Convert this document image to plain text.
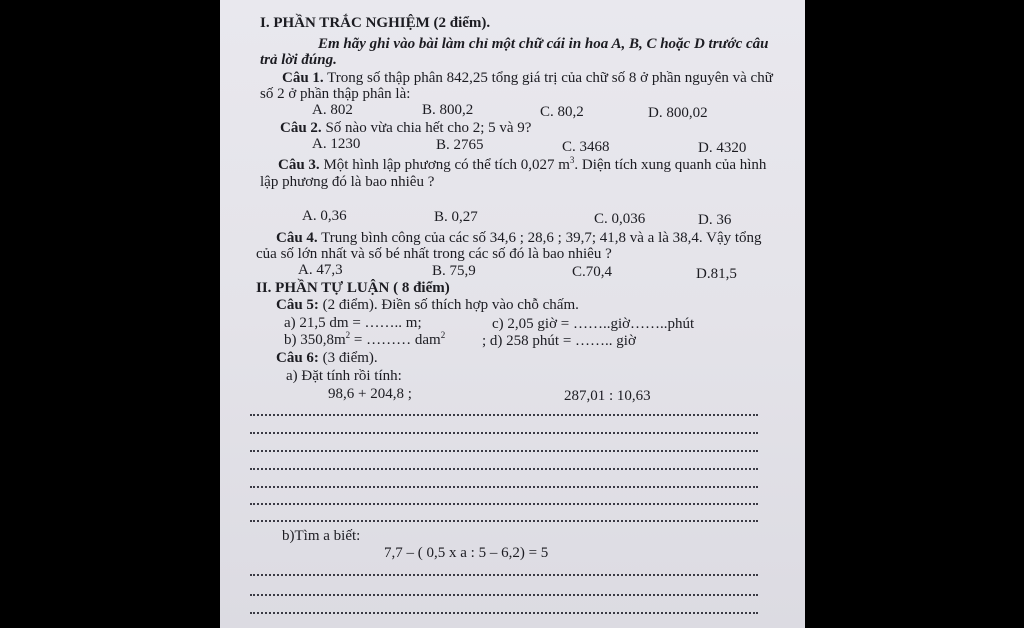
I. PHẦN TRẮC NGHIỆM (2 điểm).
Em hãy ghi vào bài làm chỉ một chữ cái in hoa A, B, C hoặc D trước câu
trả lời đúng.
Câu 1. Trong số thập phân 842,25 tổng giá trị của chữ số 8 ở phần nguyên và chữ
số 2 ở phần thập phân là:
A. 802	B. 800,2	C. 80,2	D. 800,02
Câu 2. Số nào vừa chia hết cho 2; 5 và 9?
A. 1230	B. 2765	C. 3468	D. 4320
Câu 3. Một hình lập phương có thể tích 0,027 $m^3$. Diện tích xung quanh của hình
lập phương đó là bao nhiêu ?
A. 0,36	B. 0,27	C. 0,036	D. 36
Câu 4. Trung bình công của các số 34,6 ; 28,6 ; 39,7; 41,8 và a là 38,4. Vậy tổng
của số lớn nhất và số bé nhất trong các số đó là bao nhiêu ?
A. 47,3	B. 75,9	C.70,4	D.81,5
II. PHẦN TỰ LUẬN ( 8 điểm)
Câu 5: (2 điểm). Điền số thích hợp vào chỗ chấm.
a) 21,5 dm = …….. m;	c) 2,05 giờ = ……..giờ……..phút
b) $350,8m^2$ = ……… dam$^2$ ; d) 258 phút = …….. giờ
Câu 6: (3 điểm).
a) Đặt tính rồi tính:
98,6 + 204,8 ;	287,01 : 10,63
b)Tìm a biết:
7,7 – ( 0,5 x a : 5 – 6,2) = 5
